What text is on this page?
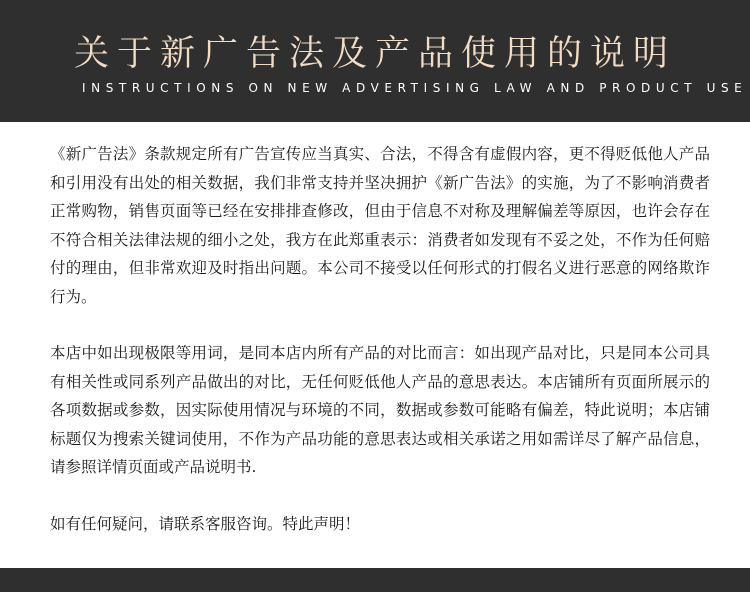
关于新广告法及产品使用的说明
INSTRUCTIONS ON NEW ADVERTISING LAW AND PRODUCT USE

《新广告法》条款规定所有广告宣传应当真实、合法，不得含有虚假内容，更不得贬低他人产品和引用没有出处的相关数据，我们非常支持并坚决拥护《新广告法》的实施，为了不影响消费者正常购物，销售页面等已经在安排排查修改，但由于信息不对称及理解偏差等原因，也许会存在不符合相关法律法规的细小之处，我方在此郑重表示：消费者如发现有不妥之处，不作为任何赔付的理由，但非常欢迎及时指出问题。本公司不接受以任何形式的打假名义进行恶意的网络欺诈行为。

本店中如出现极限等用词，是同本店内所有产品的对比而言：如出现产品对比，只是同本公司具有相关性或同系列产品做出的对比，无任何贬低他人产品的意思表达。本店铺所有页面所展示的各项数据或参数，因实际使用情况与环境的不同，数据或参数可能略有偏差，特此说明；本店铺标题仅为搜索关键词使用，不作为产品功能的意思表达或相关承诺之用如需详尽了解产品信息，请参照详情页面或产品说明书.

如有任何疑问，请联系客服咨询。特此声明！
